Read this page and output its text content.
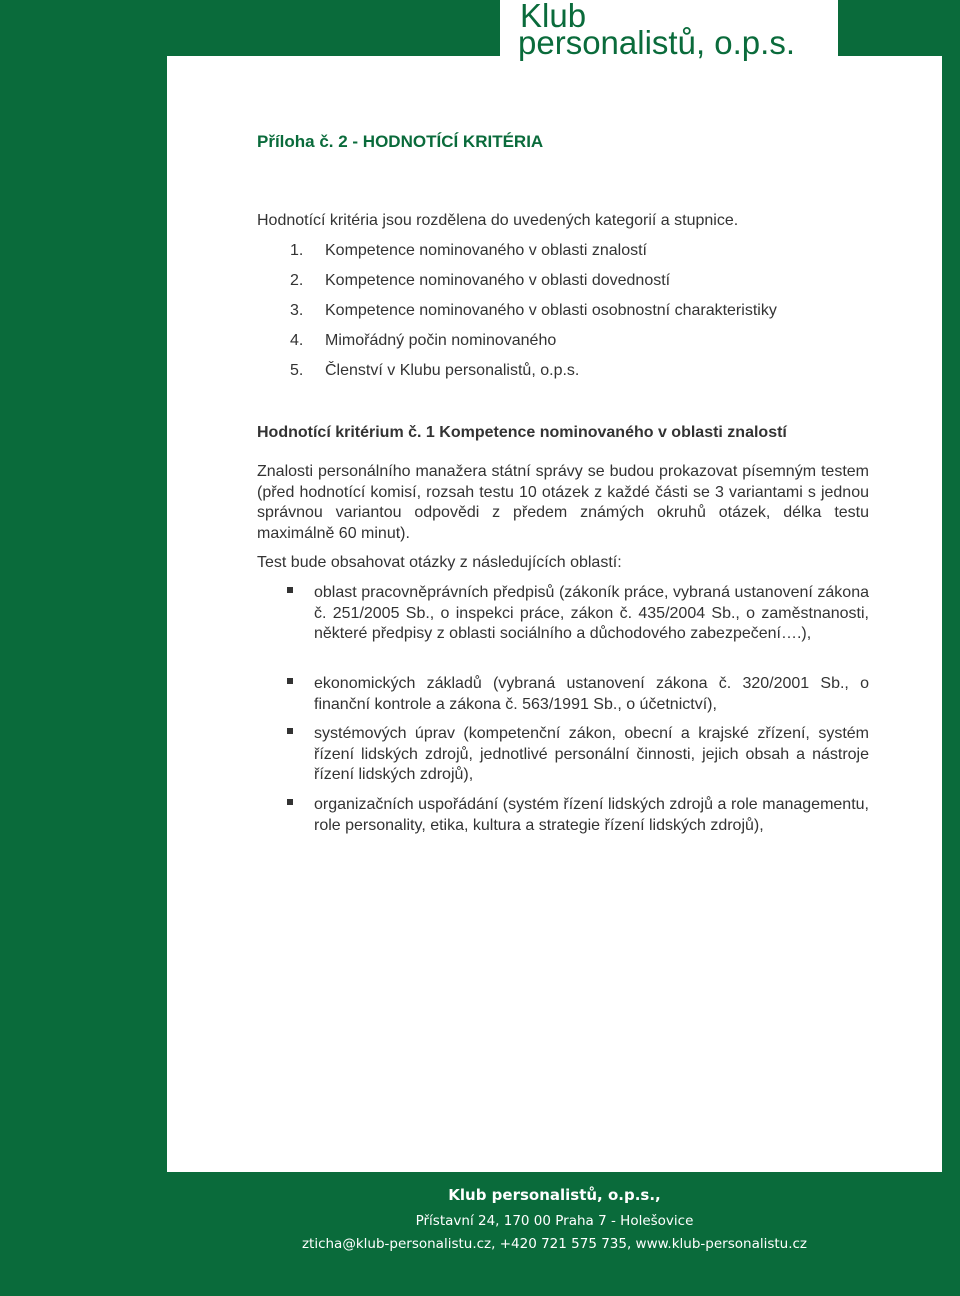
Klub
personalistů, o.p.s.
Příloha č. 2 - HODNOTÍCÍ KRITÉRIA
Hodnotící kritéria jsou rozdělena do uvedených kategorií a stupnice.
1. Kompetence nominovaného v oblasti znalostí
2. Kompetence nominovaného v oblasti dovedností
3. Kompetence nominovaného v oblasti osobnostní charakteristiky
4. Mimořádný počin nominovaného
5. Členství v Klubu personalistů, o.p.s.
Hodnotící kritérium č. 1 Kompetence nominovaného v oblasti znalostí
Znalosti personálního manažera státní správy se budou prokazovat písemným testem (před hodnotící komisí, rozsah testu 10 otázek z každé části se 3 variantami s jednou správnou variantou odpovědi z předem známých okruhů otázek, délka testu maximálně 60 minut).
Test bude obsahovat otázky z následujících oblastí:
oblast pracovněprávních předpisů (zákoník práce, vybraná ustanovení zákona č. 251/2005 Sb., o inspekci práce, zákon č. 435/2004 Sb., o zaměstnanosti, některé předpisy z oblasti sociálního a důchodového zabezpečení….),
ekonomických základů (vybraná ustanovení zákona č. 320/2001 Sb., o finanční kontrole a zákona č. 563/1991 Sb., o účetnictví),
systémových úprav (kompetenční zákon, obecní a krajské zřízení, systém řízení lidských zdrojů, jednotlivé personální činnosti, jejich obsah a nástroje řízení lidských zdrojů),
organizačních uspořádání (systém řízení lidských zdrojů a role managementu, role personality, etika, kultura a strategie řízení lidských zdrojů),
Klub personalistů, o.p.s.,
Přístavní 24, 170 00 Praha 7 - Holešovice
zticha@klub-personalistu.cz, +420 721 575 735, www.klub-personalistu.cz
